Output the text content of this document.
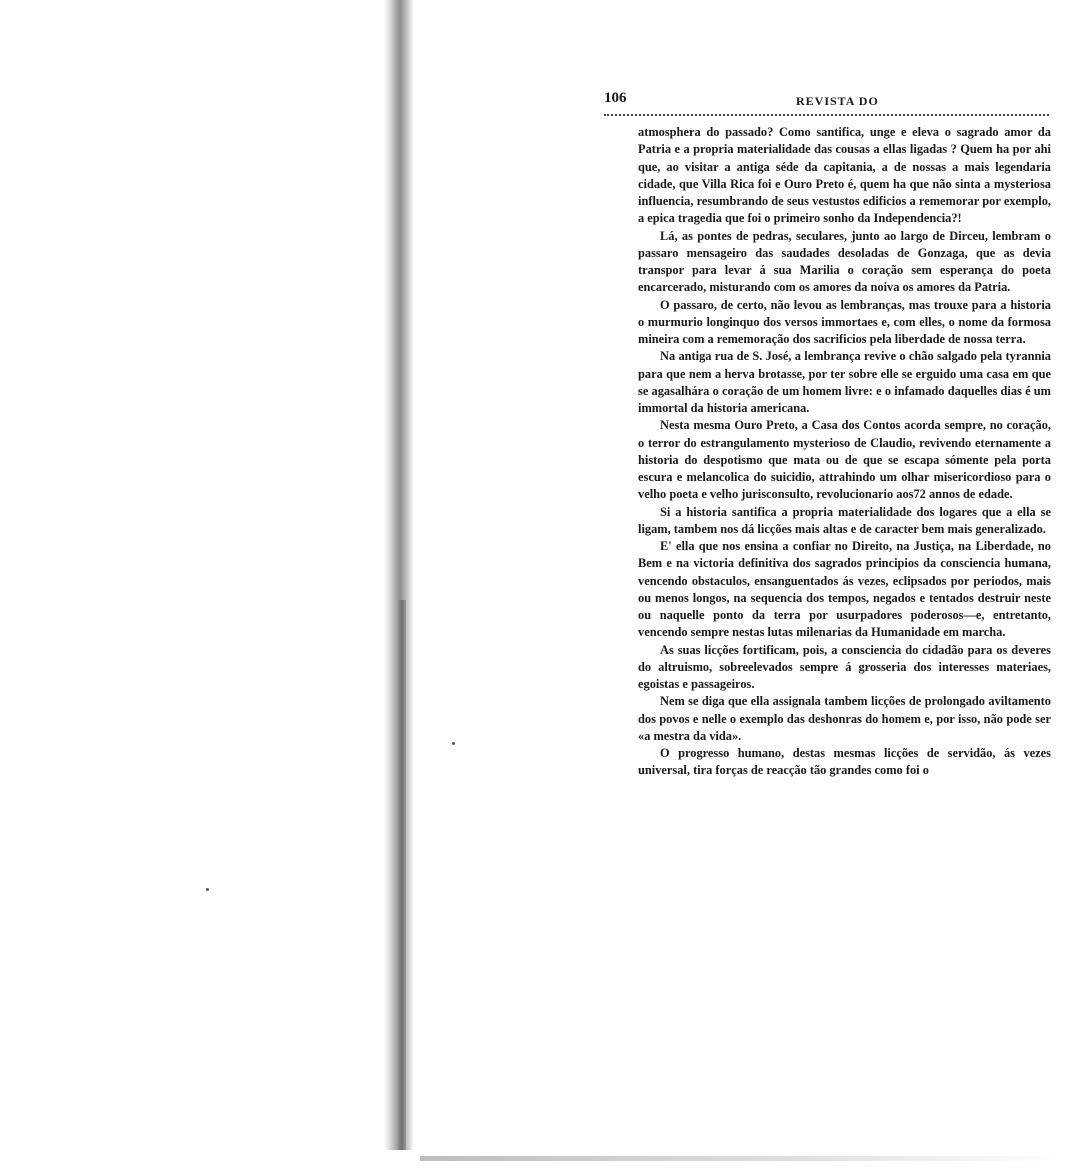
106	REVISTA DO

atmosphera do passado? Como santifica, unge e eleva o sagrado amor da Patria e a propria materialidade das cousas a ellas ligadas ? Quem ha por ahi que, ao visitar a antiga séde da capitania, a de nossas a mais legendaria cidade, que Villa Rica foi e Ouro Preto é, quem ha que não sinta a mysteriosa influencia, resumbrando de seus vestustos edificios a rememorar por exemplo, a epica tragedia que foi o primeiro sonho da Independencia?!

Lá, as pontes de pedras, seculares, junto ao largo de Dirceu, lembram o passaro mensageiro das saudades desoladas de Gonzaga, que as devia transpor para levar á sua Marilia o coração sem esperança do poeta encarcerado, misturando com os amores da noiva os amores da Patria.

O passaro, de certo, não levou as lembranças, mas trouxe para a historia o murmurio longinquo dos versos immortaes e, com elles, o nome da formosa mineira com a rememoração dos sacrificios pela liberdade de nossa terra.

Na antiga rua de S. José, a lembrança revive o chão salgado pela tyrannia para que nem a herva brotasse, por ter sobre elle se erguido uma casa em que se agasalhára o coração de um homem livre: e o infamado daquelles dias é um immortal da historia americana.

Nesta mesma Ouro Preto, a Casa dos Contos acorda sempre, no coração, o terror do estrangulamento mysterioso de Claudio, revivendo eternamente a historia do despotismo que mata ou de que se escapa sómente pela porta escura e melancolica do suicidio, attrahindo um olhar misericordioso para o velho poeta e velho jurisconsulto, revolucionario aos72 annos de edade.

Si a historia santifica a propria materialidade dos logares que a ella se ligam, tambem nos dá licções mais altas e de caracter bem mais generalizado.

E' ella que nos ensina a confiar no Direito, na Justiça, na Liberdade, no Bem e na victoria definitiva dos sagrados principios da consciencia humana, vencendo obstaculos, ensanguentados ás vezes, eclipsados por periodos, mais ou menos longos, na sequencia dos tempos, negados e tentados destruir neste ou naquelle ponto da terra por usurpadores poderosos—e, entretanto, vencendo sempre nestas lutas milenarias da Humanidade em marcha.

As suas licções fortificam, pois, a consciencia do cidadão para os deveres do altruismo, sobreelevados sempre á grosseria dos interesses materiaes, egoistas e passageiros.

Nem se diga que ella assignala tambem licções de prolongado aviltamento dos povos e nelle o exemplo das deshonras do homem e, por isso, não pode ser «a mestra da vida».

O progresso humano, destas mesmas licções de servidão, ás vezes universal, tira forças de reacção tão grandes como foi o
